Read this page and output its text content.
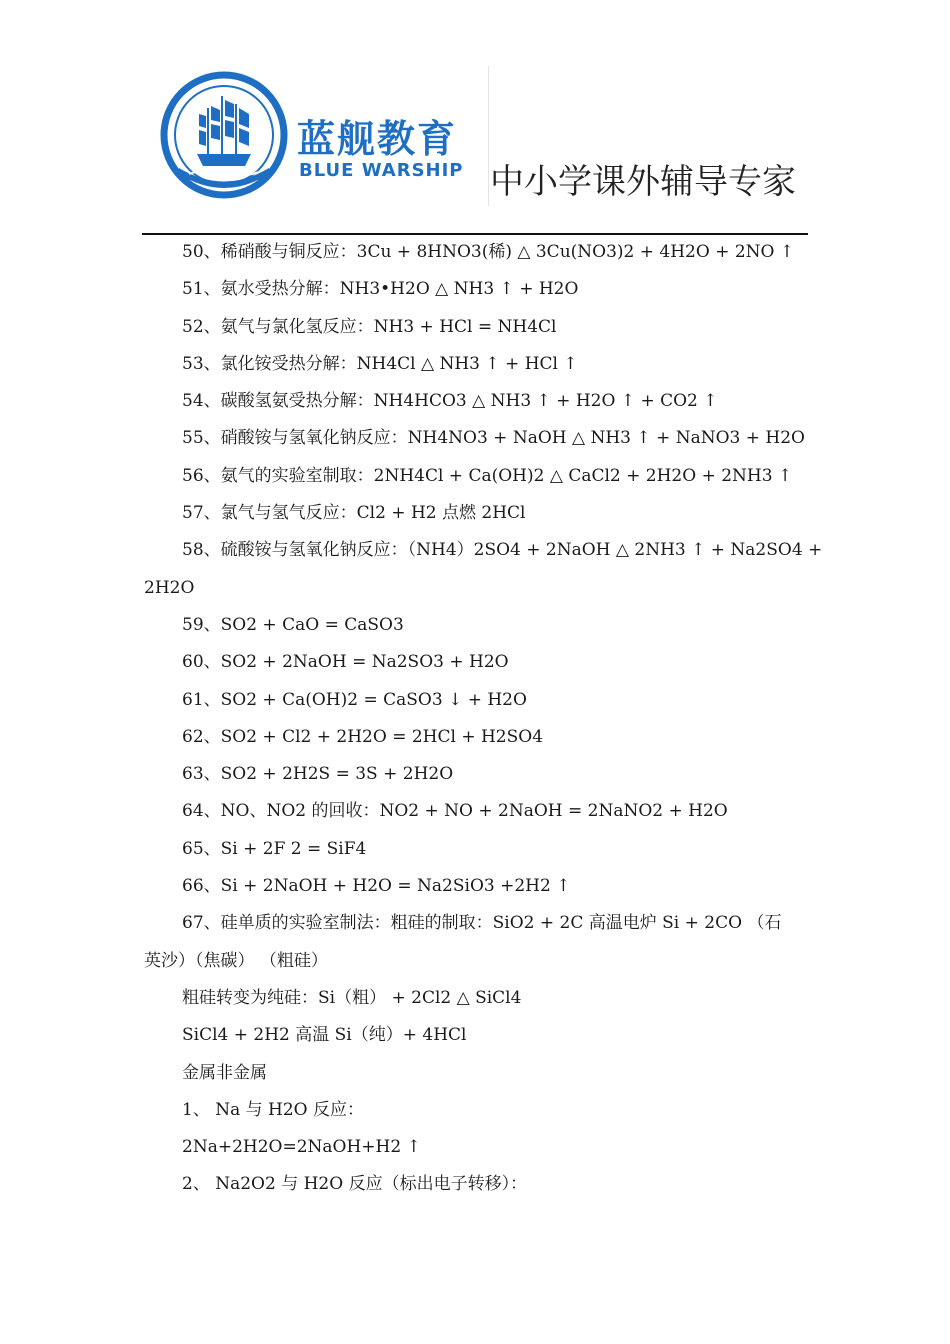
蓝舰教育
BLUE WARSHIP 中小学课外辅导专家

50、稀硝酸与铜反应：3Cu + 8HNO3(稀) △ 3Cu(NO3)2 + 4H2O + 2NO ↑

51、氨水受热分解：NH3•H2O △ NH3 ↑ + H2O

52、氨气与氯化氢反应：NH3 + HCl = NH4Cl

53、氯化铵受热分解：NH4Cl △ NH3 ↑ + HCl ↑

54、碳酸氢氨受热分解：NH4HCO3 △ NH3 ↑ + H2O ↑ + CO2 ↑

55、硝酸铵与氢氧化钠反应：NH4NO3 + NaOH △ NH3 ↑ + NaNO3 + H2O

56、氨气的实验室制取：2NH4Cl + Ca(OH)2 △ CaCl2 + 2H2O + 2NH3 ↑

57、氯气与氢气反应：Cl2 + H2 点燃 2HCl

58、硫酸铵与氢氧化钠反应：（NH4）2SO4 + 2NaOH △ 2NH3 ↑ + Na2SO4 +

2H2O

59、SO2 + CaO = CaSO3

60、SO2 + 2NaOH = Na2SO3 + H2O

61、SO2 + Ca(OH)2 = CaSO3 ↓ + H2O

62、SO2 + Cl2 + 2H2O = 2HCl + H2SO4

63、SO2 + 2H2S = 3S + 2H2O

64、NO、NO2 的回收：NO2 + NO + 2NaOH = 2NaNO2 + H2O

65、Si + 2F 2 = SiF4

66、Si + 2NaOH + H2O = Na2SiO3 +2H2 ↑

67、硅单质的实验室制法：粗硅的制取：SiO2 + 2C 高温电炉 Si + 2CO （石

英沙）（焦碳） （粗硅）

粗硅转变为纯硅：Si（粗） + 2Cl2 △ SiCl4

SiCl4 + 2H2 高温 Si（纯）+ 4HCl

金属非金属

1、 Na 与 H2O 反应：

2Na+2H2O=2NaOH+H2 ↑

2、 Na2O2 与 H2O 反应（标出电子转移）：
